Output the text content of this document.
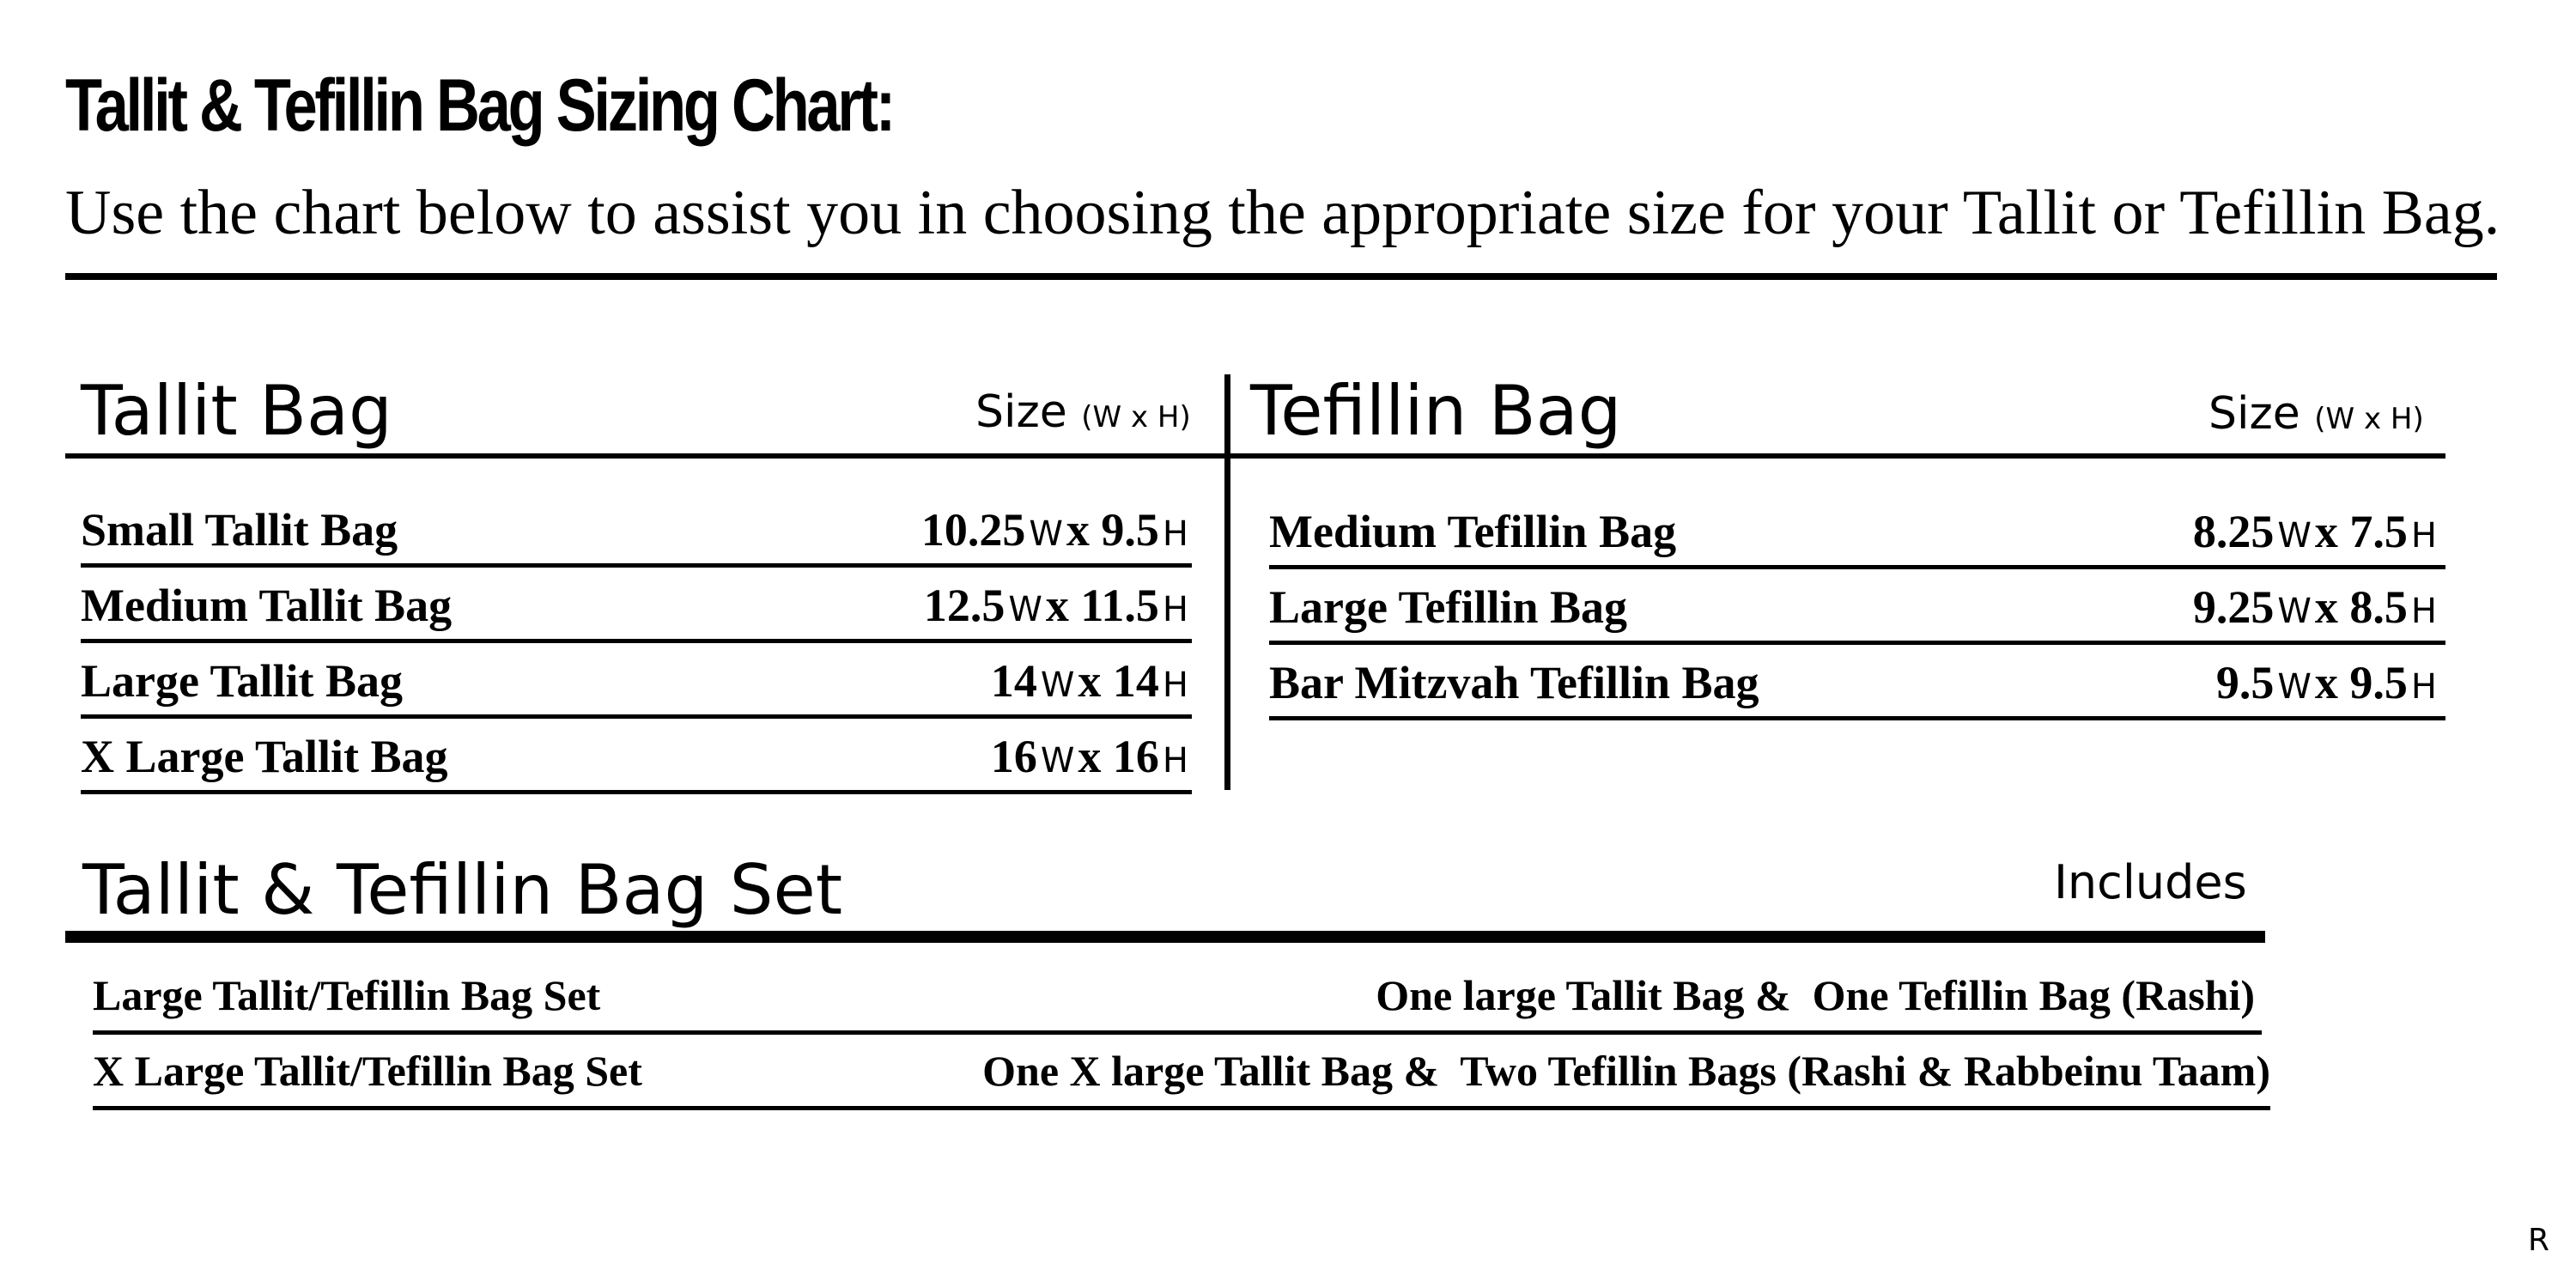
Tallit & Tefillin Bag Sizing Chart:
Use the chart below to assist you in choosing the appropriate size for your Tallit or Tefillin Bag.
Tallit Bag	Size (W x H)
Small Tallit Bag	10.25 Wx 9.5 H
Medium Tallit Bag	12.5 Wx 11.5 H
Large Tallit Bag	14 Wx 14 H
X Large Tallit Bag	16 Wx 16 H
Tefillin Bag	Size (W x H)
Medium Tefillin Bag	8.25 Wx 7.5 H
Large Tefillin Bag	9.25 Wx 8.5 H
Bar Mitzvah Tefillin Bag	9.5 Wx 9.5 H
Tallit & Tefillin Bag Set	Includes
Large Tallit/Tefillin Bag Set	One large Tallit Bag &  One Tefillin Bag (Rashi)
X Large Tallit/Tefillin Bag Set	One X large Tallit Bag &  Two Tefillin Bags (Rashi & Rabbeinu Taam)
R
